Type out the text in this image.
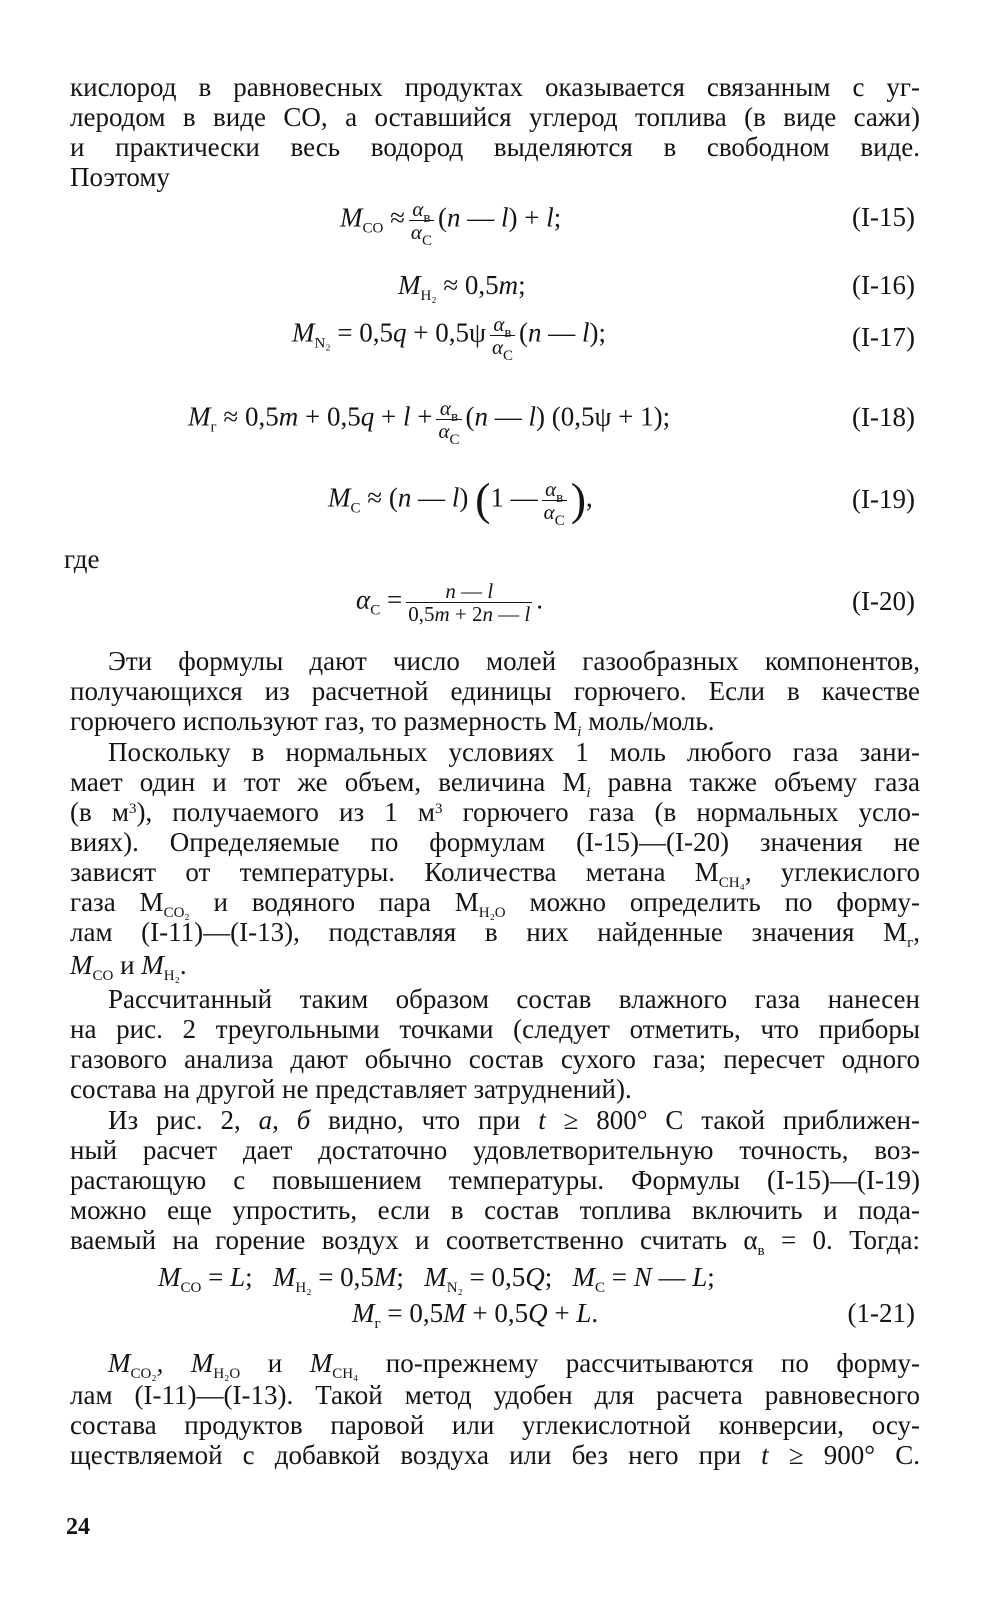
кислород в равновесных продуктах оказывается связанным с уг-
леродом в виде CO, а оставшийся углерод топлива (в виде сажи)
и практически весь водород выделяются в свободном виде.
Поэтому
$M_{CO} \approx \frac{\alpha_в}{\alpha_C} (n$ — l) + l;	(I-15)
$M_{H_2} \approx 0,5m$;	(I-16)
$M_{N_2} = 0,5q + 0,5\psi \frac{\alpha_в}{\alpha_C} (n$ — l);	(I-17)
$M_г \approx 0,5m + 0,5q + l + \frac{\alpha_в}{\alpha_C} (n$ — l) (0,5ψ + 1);	(I-18)
$M_C \approx (n$ — l) (1 — $\frac{\alpha_в}{\alpha_C}$ ),	(I-19)
где
$\alpha_C = \frac{n — l}{0,5m + 2n — l}$ .	(I-20)
Эти формулы дают число молей газообразных компонентов,
получающихся из расчетной единицы горючего. Если в качестве
горючего используют газ, то размерность $M_i$ моль/моль.
Поскольку в нормальных условиях 1 моль любого газа зани-
мает один и тот же объем, величина $M_i$ равна также объему газа
(в $м^3$), получаемого из 1 $м^3$ горючего газа (в нормальных усло-
виях). Определяемые по формулам (I-15)—(I-20) значения не
зависят от температуры. Количества метана $M_{CH_4}$, углекислого
газа $M_{CO_2}$ и водяного пара $M_{H_2O}$ можно определить по форму-
лам (I-11)—(I-13), подставляя в них найденные значения $M_г$,
$M_{CO}$ и $M_{H_2}$.
Рассчитанный таким образом состав влажного газа нанесен
на рис. 2 треугольными точками (следует отметить, что приборы
газового анализа дают обычно состав сухого газа; пересчет одного
состава на другой не представляет затруднений).
Из рис. 2, а, б видно, что при t ≥ 800° С такой приближен-
ный расчет дает достаточно удовлетворительную точность, воз-
растающую с повышением температуры. Формулы (I-15)—(I-19)
можно еще упростить, если в состав топлива включить и пода-
ваемый на горение воздух и соответственно считать $\alpha_в = 0$. Тогда:
$M_{CO} = L$;   $M_{H_2} = 0,5M$;   $M_{N_2} = 0,5Q$;   $M_C = N$ — L;
$M_г = 0,5M + 0,5Q + L$.	(1-21)
$M_{CO_2}$, $M_{H_2O}$ и $M_{CH_4}$ по-прежнему рассчитываются по форму-
лам (I-11)—(I-13). Такой метод удобен для расчета равновесного
состава продуктов паровой или углекислотной конверсии, осу-
ществляемой с добавкой воздуха или без него при t ≥ 900° С.
24
